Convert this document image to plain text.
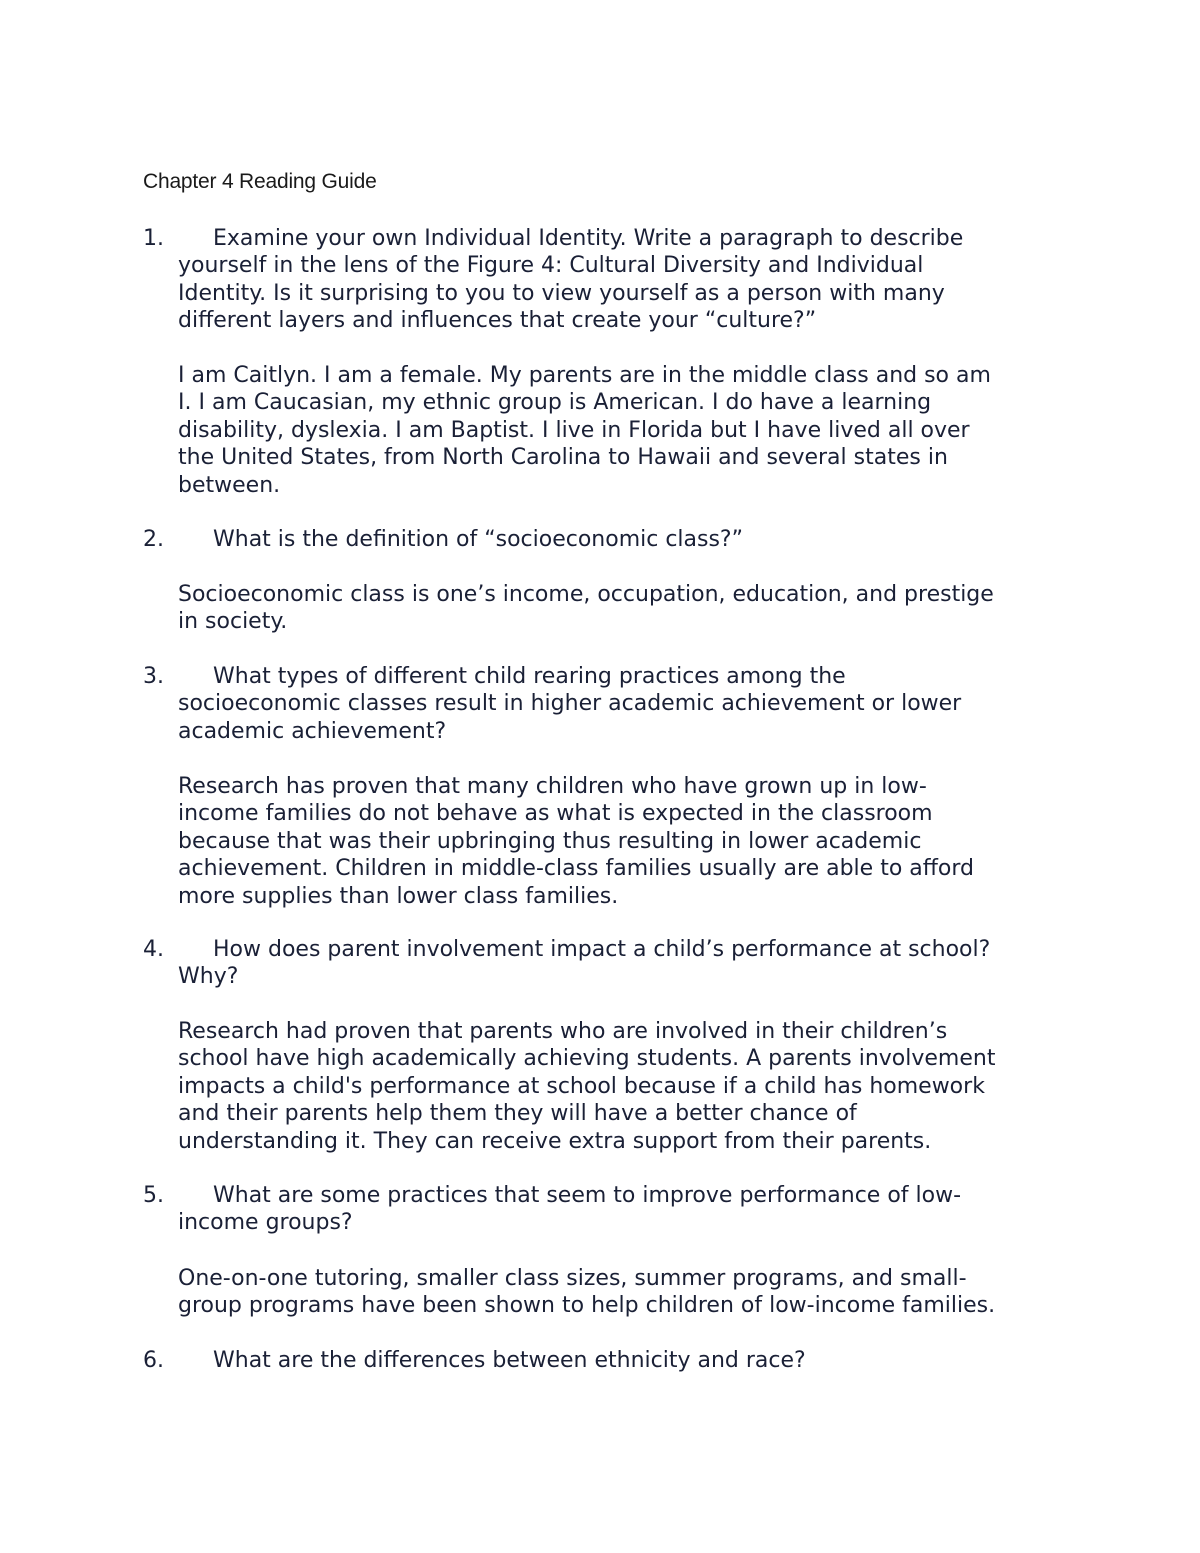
Chapter 4 Reading Guide
1.	Examine your own Individual Identity. Write a paragraph to describe
yourself in the lens of the Figure 4: Cultural Diversity and Individual
Identity. Is it surprising to you to view yourself as a person with many
different layers and influences that create your “culture?”
I am Caitlyn. I am a female. My parents are in the middle class and so am
I. I am Caucasian, my ethnic group is American. I do have a learning
disability, dyslexia. I am Baptist. I live in Florida but I have lived all over
the United States, from North Carolina to Hawaii and several states in
between.
2.	What is the definition of “socioeconomic class?”
Socioeconomic class is one’s income, occupation, education, and prestige
in society.
3.	What types of different child rearing practices among the
socioeconomic classes result in higher academic achievement or lower
academic achievement?
Research has proven that many children who have grown up in low-
income families do not behave as what is expected in the classroom
because that was their upbringing thus resulting in lower academic
achievement. Children in middle-class families usually are able to afford
more supplies than lower class families.
4.	How does parent involvement impact a child’s performance at school?
Why?
Research had proven that parents who are involved in their children’s
school have high academically achieving students. A parents involvement
impacts a child's performance at school because if a child has homework
and their parents help them they will have a better chance of
understanding it. They can receive extra support from their parents.
5.	What are some practices that seem to improve performance of low-
income groups?
One-on-one tutoring, smaller class sizes, summer programs, and small-
group programs have been shown to help children of low-income families.
6.	What are the differences between ethnicity and race?
